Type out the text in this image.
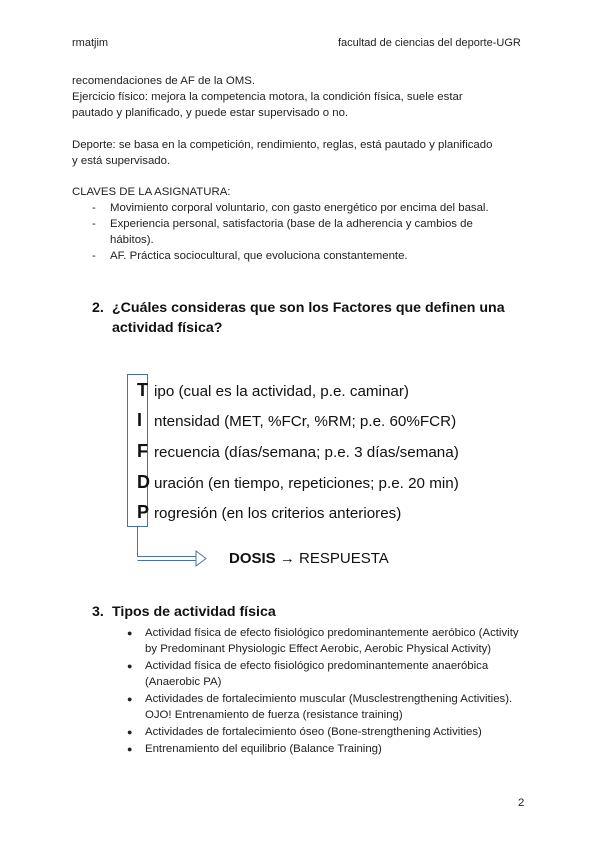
rmatjim	facultad de ciencias del deporte-UGR
recomendaciones de AF de la OMS.
Ejercicio físico: mejora la competencia motora, la condición física, suele estar
pautado y planificado, y puede estar supervisado o no.
Deporte: se basa en la competición, rendimiento, reglas, está pautado y planificado
y está supervisado.
CLAVES DE LA ASIGNATURA:
-	Movimiento corporal voluntario, con gasto energético por encima del basal.
-	Experiencia personal, satisfactoria (base de la adherencia y cambios de hábitos).
-	AF. Práctica sociocultural, que evoluciona constantemente.
2. ¿Cuáles consideras que son los Factores que definen una
actividad física?
T ipo (cual es la actividad, p.e. caminar)
I ntensidad (MET, %FCr, %RM; p.e. 60%FCR)
F recuencia (días/semana; p.e. 3 días/semana)
D uración (en tiempo, repeticiones; p.e. 20 min)
P rogresión (en los criterios anteriores)
DOSIS → RESPUESTA
3. Tipos de actividad física
●	Actividad física de efecto fisiológico predominantemente aeróbico (Activity by Predominant Physiologic Effect Aerobic, Aerobic Physical Activity)
●	Actividad física de efecto fisiológico predominantemente anaeróbica (Anaerobic PA)
●	Actividades de fortalecimiento muscular (Musclestrengthening Activities). OJO! Entrenamiento de fuerza (resistance training)
●	Actividades de fortalecimiento óseo (Bone-strengthening Activities)
●	Entrenamiento del equilibrio (Balance Training)
2
